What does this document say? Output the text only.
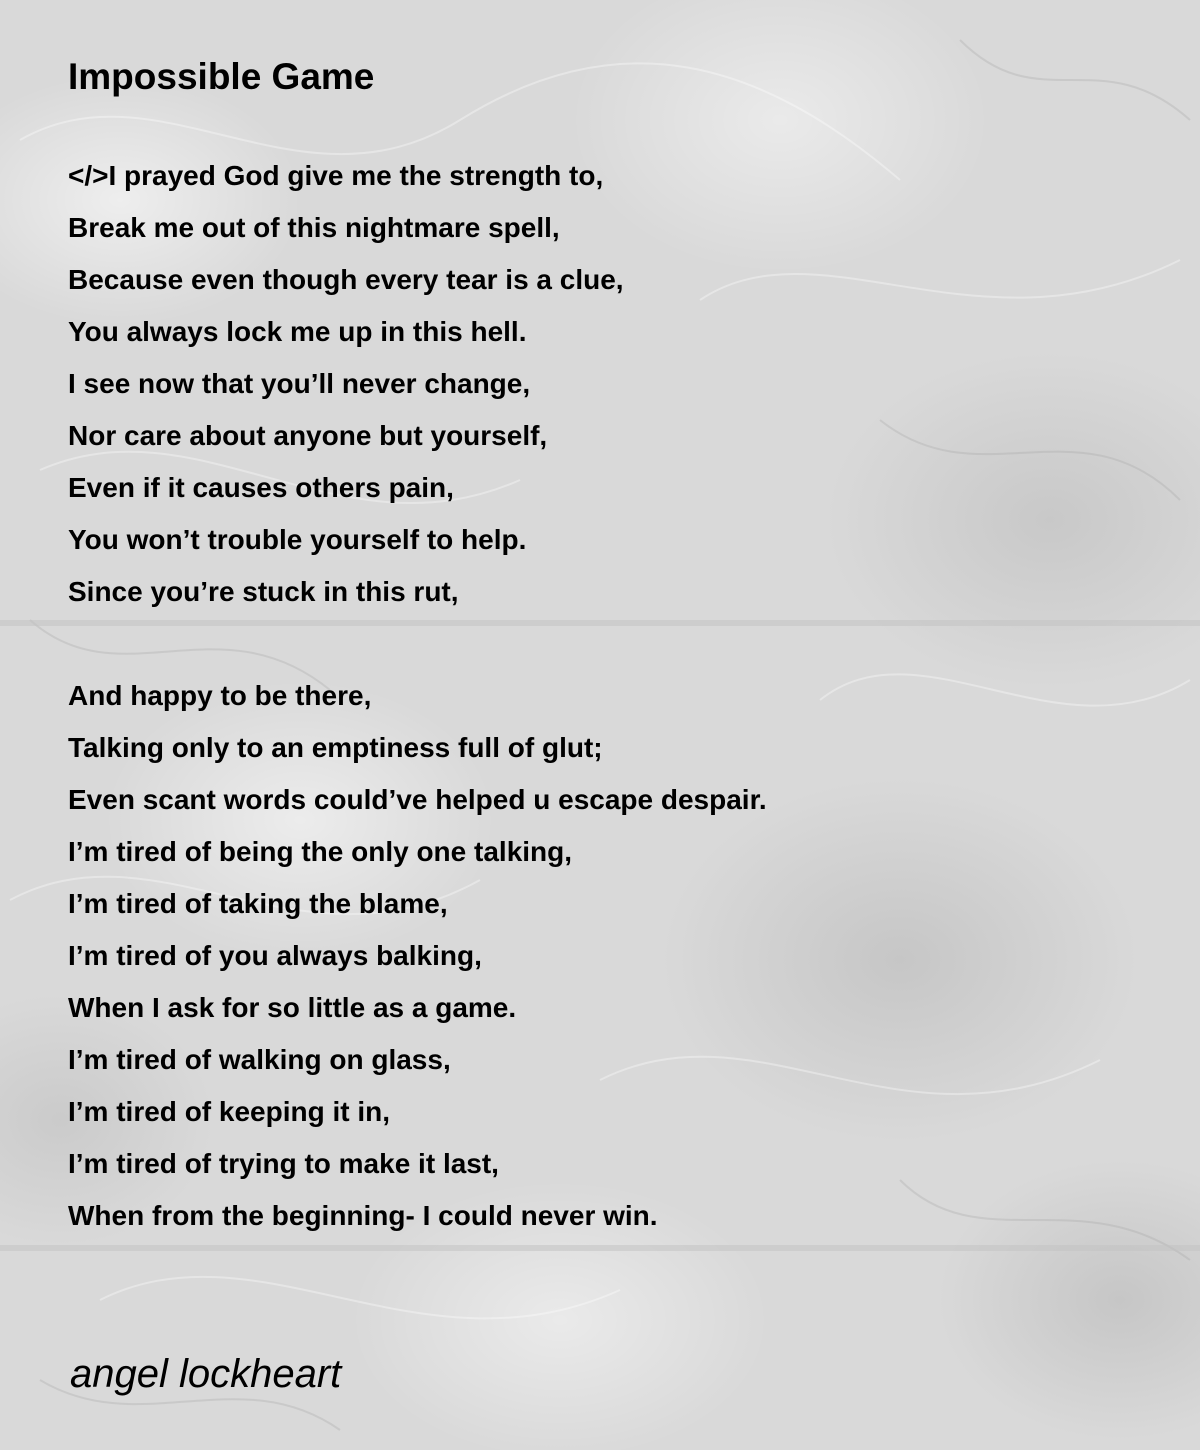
Impossible Game
</>I prayed God give me the strength to,
Break me out of this nightmare spell,
Because even though every tear is a clue,
You always lock me up in this hell.
I see now that you’ll never change,
Nor care about anyone but yourself,
Even if it causes others pain,
You won’t trouble yourself to help.
Since you’re stuck in this rut,
And happy to be there,
Talking only to an emptiness full of glut;
Even scant words could’ve helped u escape despair.
I’m tired of being the only one talking,
I’m tired of taking the blame,
I’m tired of you always balking,
When I ask for so little as a game.
I’m tired of walking on glass,
I’m tired of keeping it in,
I’m tired of trying to make it last,
When from the beginning- I could never win.

angel lockheart
